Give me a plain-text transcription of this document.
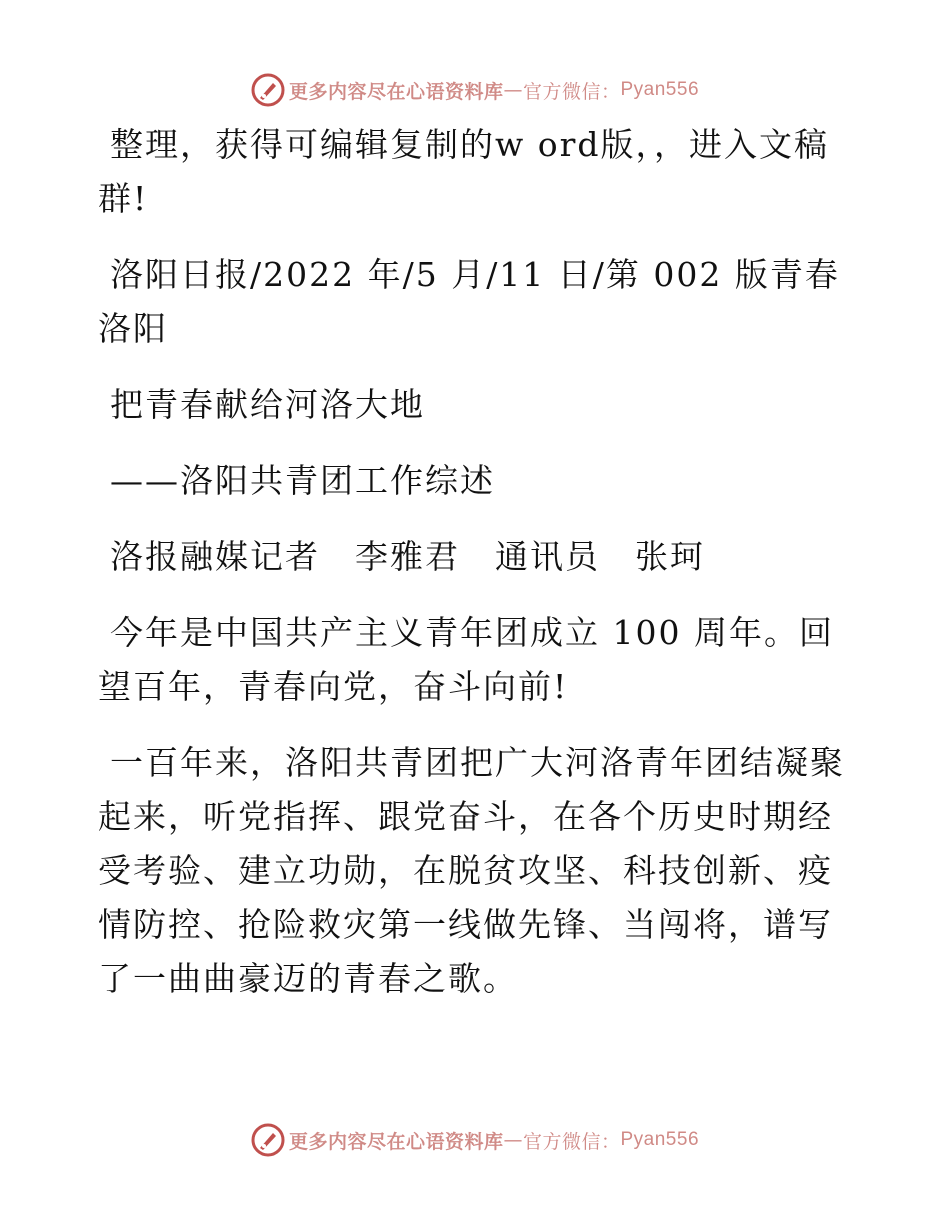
更多内容尽在心语资料库 — 官方微信： Pyan556

整理，获得可编辑复制的w ord版，，进入文稿群!

洛阳日报/2022 年/5 月/11 日/第 002 版青春洛阳

把青春献给河洛大地

——洛阳共青团工作综述

洛报融媒记者　李雅君　通讯员　张珂

今年是中国共产主义青年团成立 100 周年。回望百年，青春向党，奋斗向前!

一百年来，洛阳共青团把广大河洛青年团结凝聚起来，听党指挥、跟党奋斗，在各个历史时期经受考验、建立功勋，在脱贫攻坚、科技创新、疫情防控、抢险救灾第一线做先锋、当闯将，谱写了一曲曲豪迈的青春之歌。

更多内容尽在心语资料库 — 官方微信： Pyan556
